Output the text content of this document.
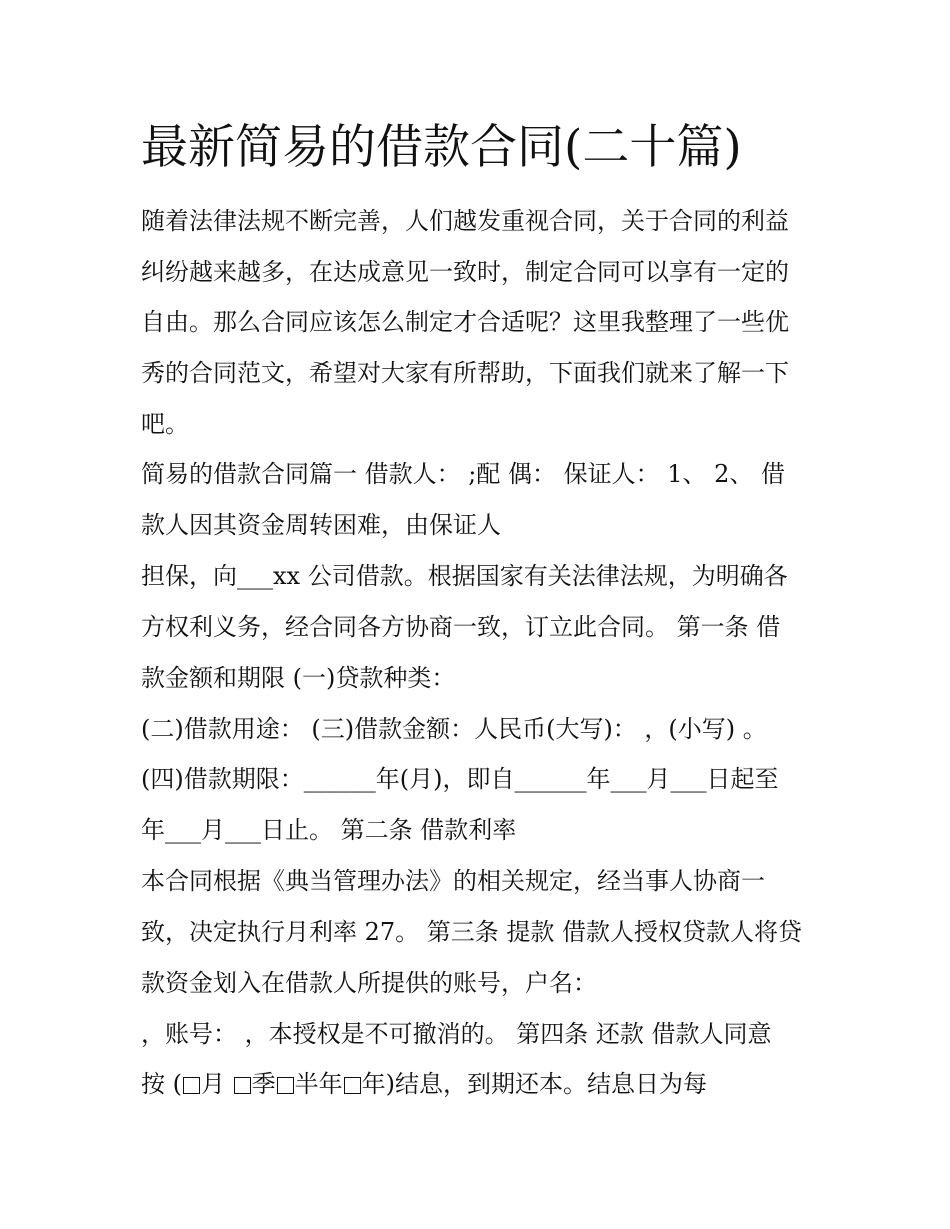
最新简易的借款合同(二十篇)
随着法律法规不断完善，人们越发重视合同，关于合同的利益
纠纷越来越多，在达成意见一致时，制定合同可以享有一定的
自由。那么合同应该怎么制定才合适呢？这里我整理了一些优
秀的合同范文，希望对大家有所帮助，下面我们就来了解一下
吧。
简易的借款合同篇一 借款人： ;配 偶： 保证人： 1、 2、 借
款人因其资金周转困难，由保证人
担保，向___xx 公司借款。根据国家有关法律法规，为明确各
方权利义务，经合同各方协商一致，订立此合同。 第一条 借
款金额和期限 (一)贷款种类：
(二)借款用途： (三)借款金额：人民币(大写)： ，(小写) 。
(四)借款期限：______年(月)，即自______年___月___日起至
年___月___日止。 第二条 借款利率
本合同根据《典当管理办法》的相关规定，经当事人协商一
致，决定执行月利率 27。 第三条 提款 借款人授权贷款人将贷
款资金划入在借款人所提供的账号，户名：
，账号： ，本授权是不可撤消的。 第四条 还款 借款人同意
按 ( 月 季 半年 年)结息，到期还本。结息日为每
